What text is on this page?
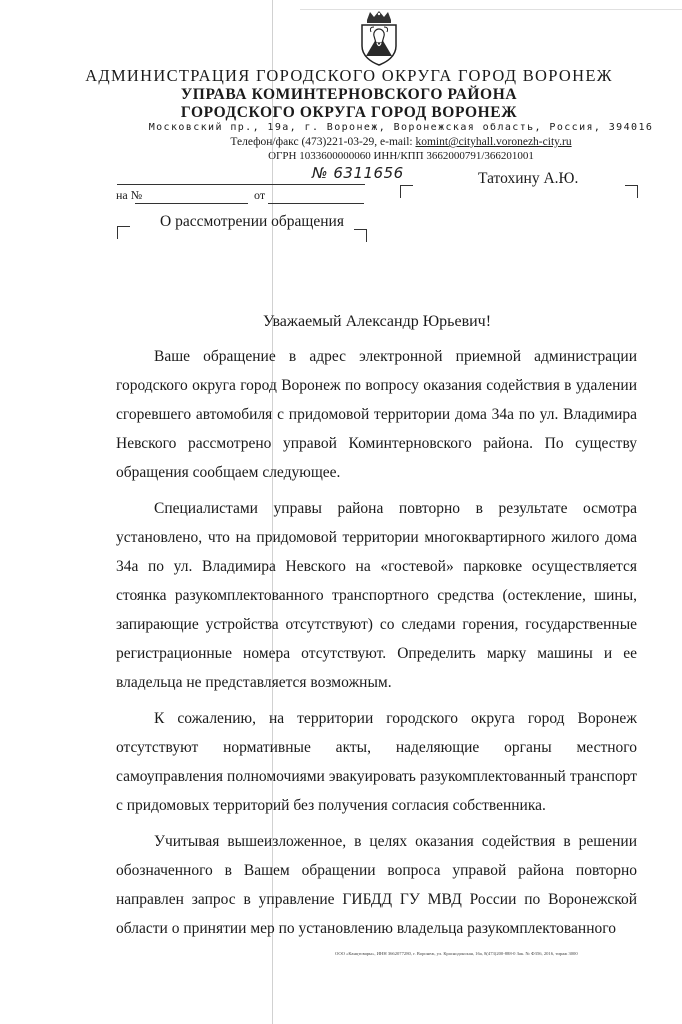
АДМИНИСТРАЦИЯ ГОРОДСКОГО ОКРУГА ГОРОД ВОРОНЕЖ
УПРАВА КОМИНТЕРНОВСКОГО РАЙОНА
ГОРОДСКОГО ОКРУГА ГОРОД ВОРОНЕЖ
Московский пр., 19а, г. Воронеж, Воронежская область, Россия, 394016
Телефон/факс (473)221-03-29, e-mail: komint@cityhall.voronezh-city.ru
ОГРН 1033600000060 ИНН/КПП 3662000791/366201001
№ 6311656
на №	от
Татохину А.Ю.
О рассмотрении обращения
Уважаемый Александр Юрьевич!

Ваше обращение в адрес электронной приемной администрации городского округа город Воронеж по вопросу оказания содействия в удалении сгоревшего автомобиля с придомовой территории дома 34а по ул. Владимира Невского рассмотрено управой Коминтерновского района. По существу обращения сообщаем следующее.

Специалистами управы района повторно в результате осмотра установлено, что на придомовой территории многоквартирного жилого дома 34а по ул. Владимира Невского на «гостевой» парковке осуществляется стоянка разукомплектованного транспортного средства (остекление, шины, запирающие устройства отсутствуют) со следами горения, государственные регистрационные номера отсутствуют. Определить марку машины и ее владельца не представляется возможным.

К сожалению, на территории городского округа город Воронеж отсутствуют нормативные акты, наделяющие органы местного самоуправления полномочиями эвакуировать разукомплектованный транспорт с придомовых территорий без получения согласия собственника.

Учитывая вышеизложенное, в целях оказания содействия в решении обозначенного в Вашем обращении вопроса управой района повторно направлен запрос в управление ГИБДД ГУ МВД России по Воронежской области о принятии мер по установлению владельца разукомплектованного

ООО «Канцтовары», ИНН 3662077280, г. Воронеж, ул. Краснодонская, 16а, 8(473)200-888-0 Зак. № Ф356, 2016, тираж 3000
